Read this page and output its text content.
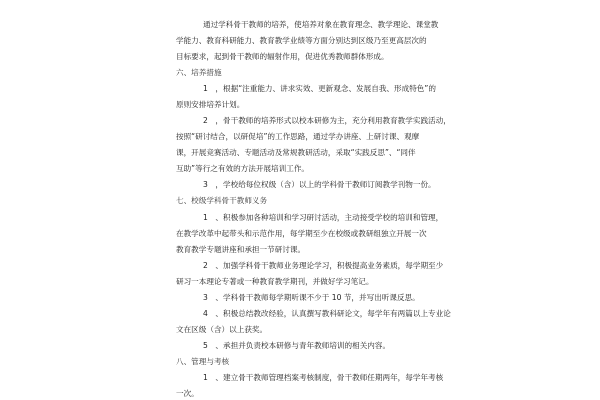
通过学科骨干教师的培养，使培养对象在教育理念、教学理论、课堂教
学能力、教育科研能力、教育教学业绩等方面分别达到区级乃至更高层次的
目标要求，起到骨干教师的辐射作用，促进优秀教师群体形成。
六、培养措施
1　，根据“注重能力、讲求实效、更新观念、发展自我、形成特色”的
原则安排培养计划。
2　，骨干教师的培养形式以校本研修为主，充分利用教育教学实践活动，
按照“研讨结合，以研促培”的工作思路，通过学办讲座、上研讨课、观摩
课，开展竞赛活动、专题活动及常规教研活动，采取“实践反思”、“同伴
互助”等行之有效的方法开展培训工作。
3　，学校给每位权级（含）以上的学科骨干教师订阅教学刊物一份。
七、校级学科骨干教师义务
1　、积极参加各种培训和学习研讨活动，主动接受学校的培训和管理，
在教学改革中起带头和示范作用，每学期至少在校级或教研组独立开展一次
教育教学专题讲座和承担一节研讨课。
2　、加强学科骨干教师业务理论学习，积极提高业务素质，每学期至少
研习一本理论专著或一种教育教学期刊，并做好学习笔记。
3　、学科骨干教师每学期听课不少于 10 节，并写出听课反思。
4　、积极总结教改经验，认真撰写教科研论文，每学年有两篇以上专业论
文在区级（含）以上获奖。
5　、承担并负责校本研修与青年教师培训的相关内容。
八、管理与考核
1　、建立骨干教师管理档案考核制度，骨干教师任期两年，每学年考核
一次。
